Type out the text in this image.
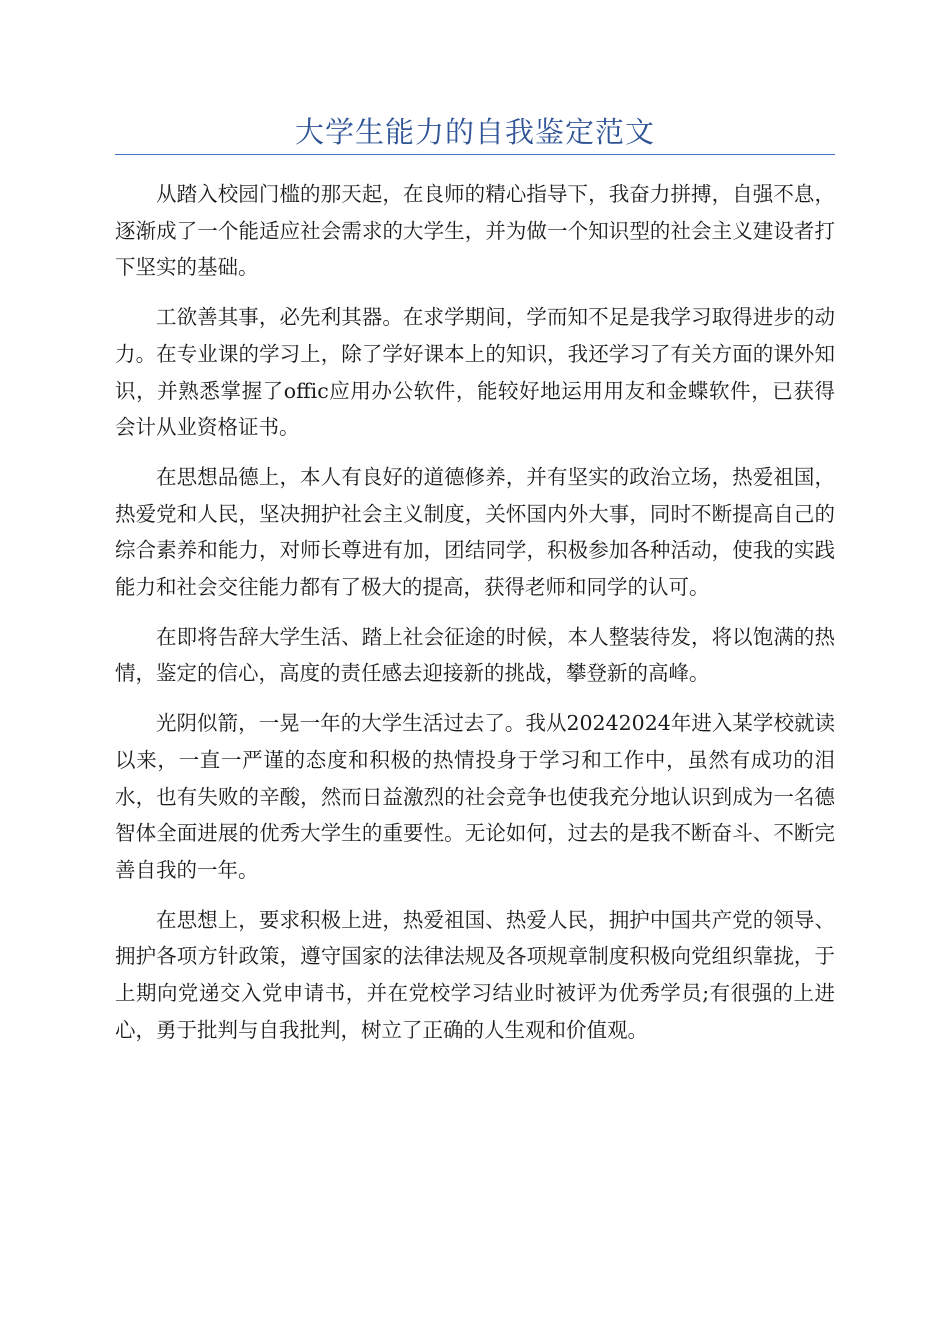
大学生能力的自我鉴定范文

从踏入校园门槛的那天起，在良师的精心指导下，我奋力拼搏，自强不息，逐渐成了一个能适应社会需求的大学生，并为做一个知识型的社会主义建设者打下坚实的基础。

工欲善其事，必先利其器。在求学期间，学而知不足是我学习取得进步的动力。在专业课的学习上，除了学好课本上的知识，我还学习了有关方面的课外知识，并熟悉掌握了offic应用办公软件，能较好地运用用友和金蝶软件，已获得会计从业资格证书。

在思想品德上，本人有良好的道德修养，并有坚实的政治立场，热爱祖国，热爱党和人民，坚决拥护社会主义制度，关怀国内外大事，同时不断提高自己的综合素养和能力，对师长尊进有加，团结同学，积极参加各种活动，使我的实践能力和社会交往能力都有了极大的提高，获得老师和同学的认可。

在即将告辞大学生活、踏上社会征途的时候，本人整装待发，将以饱满的热情，鉴定的信心，高度的责任感去迎接新的挑战，攀登新的高峰。

光阴似箭，一晃一年的大学生活过去了。我从20242024年进入某学校就读以来，一直一严谨的态度和积极的热情投身于学习和工作中，虽然有成功的泪水，也有失败的辛酸，然而日益激烈的社会竞争也使我充分地认识到成为一名德智体全面进展的优秀大学生的重要性。无论如何，过去的是我不断奋斗、不断完善自我的一年。

在思想上，要求积极上进，热爱祖国、热爱人民，拥护中国共产党的领导、拥护各项方针政策，遵守国家的法律法规及各项规章制度积极向党组织靠拢，于上期向党递交入党申请书，并在党校学习结业时被评为优秀学员;有很强的上进心，勇于批判与自我批判，树立了正确的人生观和价值观。
